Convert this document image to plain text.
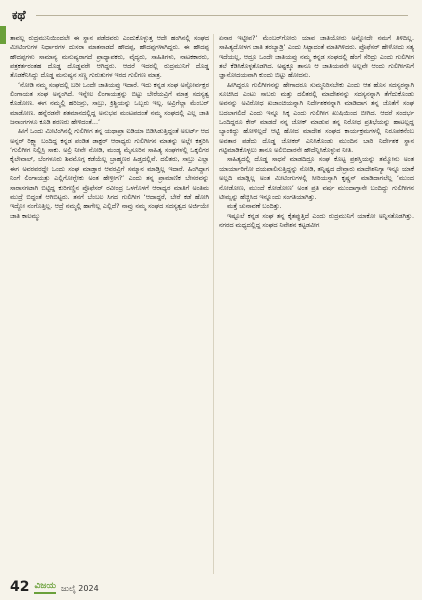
ಕಥೆ

ತಾವಲ್ಲ ರುದ್ರಮುನಿಯಿಂದಲೇ ಈ ಸ್ಥಾನ ಪಡೆದವರು ಎಂದುಕೊಳ್ಳುತ್ತ ಆದೇ ಹಂಗಿನಲ್ಲಿ ಸಂಘದ ಮೀಟಿಂಗುಗಳ ನಿರ್ಧಾರಗಳ ದುಸರಾ ಮಾತನಾಡದೆ ಹೌದಪ್ಪ, ಹೌದಪ್ಪಗಳಾಗಿದ್ದರು. ಈ ಹೌದಪ್ಪ ಹೌದಪ್ಪಗಳು ಸಾಮಾನ್ಯ ಮನುಷ್ಯರಾಗದೆ ಪ್ರಾಧ್ಯಾಪಕರು, ವೈದ್ಯರು, ಸಾಹಿತಿಗಳು, ನಾಟಕಕಾರರು, ಪತ್ರಕರ್ತರಂತಹ ದೊಡ್ಡ ದೊಡ್ಡವರೇ ಆಗಿದ್ದರು. ಆದರೆ ಇದರಲ್ಲಿ ರುದ್ರಮುನಿಗೆ ದೊಡ್ಡ ತೊಡಕೆನಿಸಿದ್ದು ದೊಡ್ಡ ಮನುಷ್ಯನ ಸಣ್ಣ ಗುರುತುಗಳ ಇರದ ಗುಲಿಗಣ ಮಾತ್ರ.

‘ನೋಡಿ ನಮ್ಮ ಸಂಘದಲ್ಲಿ ಬರೀ ಒಂದೇ ಜಾತಿಯವ್ರು ಇದಾರೆ. ಇದು ಕನ್ನಡ ಸಂಘ ಅಸ್ಪೋರ್ವಕ್ಷರ ಲಿಂಗಾಯತ ಸಂಘ ಅನ್ನಂಗಿದೆ. ಇನ್ನೇಲ ಲಿಂಗಾಯತ್ರನ್ನು ಬಿಟ್ಟು ಬೇರೆಯವ್ರಿಗೆ ಮಾತ್ರ ಸದಸ್ಯತ್ವ ಕೊಡೋಣ. ಈಗ ನಮ್ಮಲ್ಲಿ ಹರಿಜನ್ರು, ಸಾಬ್ರು, ಕ್ರಿಶ್ಚಿಯನ್ನು ಒಬ್ಬರು ಇಲ್ಲ. ಅವ್ರಿಗೆಲ್ಲಾ ಮೆಂಬರ್ ಮಾಡೋಣ. ಹನ್ನೆರಡನೇ ಶತಮಾನದಲ್ಲಿದ್ದ ಅನುಭವ ಮಂಟಪದಂತೆ ನಮ್ಮ ಸಂಘದಲ್ಲಿ ಎಲ್ಲ ಜಾತಿ ಜನಾಂಗಗಳೂ ಕೂಡಿ ಶರಣರು ಹೇಳಿದಂತೆ...’

ಹೀಗೆ ಒಂದು ಮೀಟಿಂಗಿನಲ್ಲಿ ಗುಲಿಗೀಗ ತನ್ನ ಯಥಾಪ್ರಾ ಐಡಿಯಾ ಬಿಡಿಸಿಡುತ್ತಿದ್ದಂತೆ ಅಲರ್ಟ್ ಆದ ಅನ್ನರ್ ರಿಕ್ಷ್ವಾ ಬಂದಿದ್ದ ಕನ್ನಡ ಪಂಡಿತ ಡಾಕ್ಟರ್ ಆರಾಧ್ಯರು ಗುಲಿಗೀಗನ ಮಾತನ್ನು ಅಲ್ಲೇ ಕತ್ತರಿಸಿ ‘ಗುಲಿಗೀಗ ನಿಲ್ಲಿಸ್ರಿ ಸಾಕು. ಅಲ್ರಿ ನೀವೇ ನೋಡಿ, ಮಂಡ್ಯ ಮೈಸೂರಿನ ಸಾಹಿತ್ಯ ಸಂಘಗಳಲ್ಲಿ ಒಕ್ಕಲಿಗರ ಕೈಲೇವಾಲ್, ಬೆಂಗಳೂರು ಶಿವಮೊಗ್ಗ ಕಡೆಯೆಲ್ಲ ಬ್ರಾಹ್ಮಣರ ಹಿಡ್ತದಲ್ಲಿವೆ. ದಲಿತರು, ಸಾಬ್ರು ಎಲ್ಲಾ ಈಗ ಅವರವರದ್ದೇ ಒಂದು ಸಂಘ ಮಾಡ್ತಾರ ಆವರವ್ರಿಗೆ ಸಮ್ಮಾನ ಮಾಡ್ತಿಲ್ಲ ಇದಾರೆ. ಹಿಂಗಿದ್ದಾಗ ನಿಂಗೆ ಲಿಂಗಾಯತ್ರು ಎಲ್ಲಿಗೋಗ್ಬೇಕು ಅಂತ ಹೇಳ್ರೀಗ?’ ಎಂದು ತನ್ನ ಪ್ರಾಮಾಣಿಕ ಬೇಸರವನ್ನು ಸಾರಾಸಗಟಾಗಿ ಬಿಟ್ಟಿದ್ದ ಕುರಿಗಣ್ಣಿನ ಪ್ರೊಫೆಸರ್ ರವೀಂದ್ರ ಒಳಗೊಳಗೆ ಆರಾಧ್ಯರ ಮಾತಿಗೆ ಅಂತಿಮ ಮುದ್ರೆ ಬಿದ್ದಂತೆ ಆಗಿಬಿಟ್ಟರು. ತನಗೆ ಬೆಂಬಲ ಸಿಗದ ಗುಲಿಗೀಗ ‘ಆದಾದ್ದರೆ, ಬೇರೆ ಕಡೆ ಹೋಗಿ ಇದ್ದೋ ನಂಗೊತ್ತಿಲ್ಲ. ಆದ್ರೆ ನಮ್ಮಲ್ಲಿ ಹಾಗೇಲ್ಲ ಎಲ್ಲಿದೆ? ನಾವ್ರು ನಮ್ಮ ಸಂಘದ ಸದಸ್ಯತ್ವದ ಅರ್ಜಿಯೇ ಜಾತಿ ಕಾಲಮ್ಮು

ಏನಾರ ಇಟ್ಟೀವ?’ ಮೆಂಬರ್‌ಗೋರು ಯಾವ ಜಾತಿಯೋರು ಅನ್ನೋದೇ ನಮಗೆ ತಿಳಿದಿಲ್ಲ. ಸಾಹಿತ್ಯದೋಳಗ ಜಾತಿ ತರಬ್ಯಾಡ್ರಿ’ ಎಂದು ಸಿಟ್ಟಾದಂತೆ ಮಾತಿಗಿಳಿದರು. ಪ್ರೊಫೆಸರ್ ಹೇಳೋದು ಸತ್ಯ ಇದೆಯಲ್ಲ, ಆದ್ರೂ ಒಂದೇ ಜಾತಿಯವ್ರು ನಮ್ಮ ಕನ್ನಡ ಸಂಘದಲ್ಲಿ ಹೆಂಗೆ ಸೆರಿದ್ರು ಎಂದು ಗುಲಿಗೀಗ ತಲೆ ಕೆಡಿಸಿಕೊಳ್ಳತೊಡಗಿದ. ಅಷ್ಟಕ್ಕೂ ತಾನೂ ಆ ಜಾತಿಯವನೇ ಅಲ್ಲವೇ ಆಂದು ಗುಲಿಗೀಗನಿಗೆ ಜ್ಞಾನೋದಯವಾಗಿ ಕುಂದು ಬಿಟ್ಟು ಹೋದನು.

ಹೀಗಿದ್ದರೂ ಗುಲಿಗೀಗನನ್ನು ಹೇಗಾದರೂ ಸುಮ್ಮನಿರಿಸಬೇಕು ಎಂದು ಆತ ಹೊಸ ಸದಸ್ಯರನ್ನಾಗಿ ಸೂಚಿಸಿದ ಎಂಟು ಸಾಬರು ಮತ್ತು ದಲಿತರಲ್ಲಿ ಮಾದೇಶನನ್ನು ಸದಸ್ಯನನ್ನಾಗಿ ತೆಗೆದುಕೊಂಡು ಅವನನ್ನು ಅವಿರೋಧ ಖಜಾಂಚಿಯನ್ನಾಗಿ ನಿರ್ದೇಶಕನನ್ನಾಗಿ ಮಾಡಿದಾಗ ತನ್ನ ಜೊತೆಗೆ ಸಂಘ ಬದಲಾಗಲಿದೆ ಎಂದು ಇನ್ನೂ ಸಿಕ್ಕ ಎಂದು ಗುಲಿಗೀಗ ಖುಷಿಯಿಂದ ಬೀಗಿದ. ಆದರೆ ಸಂದರ್ಭ ಒಂದಿದ್ದರೂ ಕೇರ್ ಮಾಡದೆ ನನ್ನ ಜೋಕ್ ಮಾಡುವ ತನ್ನ ನಿರೋಧ ಪ್ರತಿಭೆಯನ್ನು ಹಾಟಲ್ಲದ್ದ ಬ್ಯಾಂಕಿದ್ದು ಹೋಳಿಲ್ಲದೆ ಆಟ್ಟಿ ಹೋದ ಮಾದೇಶ ಸಂಘದ ಕಾರ್ಯಕ್ರಮಗಳಲ್ಲಿ ನಿರೂಪಕನೆಂಬ ಅವತಾರ ಪಡೆದು ದೊಡ್ಡ ಜೋಕರ್ ಎನಿಸಿಕೊಂಡು ಮುಂದಿನ ಬಾರಿ ನಿರ್ದೇಶಕ ಸ್ಥಾನ ಗಟ್ಟಿಮಾಡಿಕೊಳ್ಳಲು ತಾನೂ ಅಲಿಬಿದಾರನೇ ಹೌದೆನ್ನಿಸಿಕೊಳ್ಳುವ ನೀತಿ.

ಸಾಹಿತ್ಯದಲ್ಲಿ ದೊಡ್ಡ ಸಾಧನೆ ಮಾಡದಿದ್ರೂ ಸಂಘ ಕೊಟ್ಟ ಪ್ರಶಸ್ತಿಯನ್ನು ತಮ್ಮೋನು ಅಂತ ಯಾರ್ಯಾರಿಗೋ ದಯಪಾಲಿಸುತ್ತಿದ್ದನ್ನು ನೋಡಿ, ತನ್ನಿಷ್ಟದ ದೇವ್ರಾರು ಮಾದೇಶನಿಗ್ಯಾ ಇನ್ನೂ ಯಾಕೆ ಅಲ್ಲದಿ ಮಾಡ್ಲಿಲ್ಲ ಅಂತ ಮೀಟಿಂಗುಗಳಲ್ಲಿ ಸೀರಿಯಸ್ಸಾಗಿ ಕೃಷ್ಣನ್ ಮಾಡಿದಾಗಲೆಲ್ಲ ‘ಮುಂದ ನೋಡೋಣ, ಮುಂದೆ ಕೋಡೋಣ’ ಅಂತ ಪ್ರತಿ ವರ್ಷ ಮುಂದಾಗ್ತಾನೇ ಬಂದಿದ್ದು ಗುಲಿಗೀಗನ ಟೀಮ್ಸನ್ನು ಹೆಚ್ಚಿಸಿದ ಇನ್ನೂಂದು ಸಂಗತಿಯಾಗಿತ್ತು.

ಮತ್ತೆ ಚುನಾವಣೆ ಬಂದಿತ್ತು.

ಇಷ್ಟೂಲೆ ಕನ್ನಡ ಸಂಘ ತನ್ನ ಕೈತಪ್ಪುತ್ತಿದೆ ಎಂದು ರುದ್ರಮುನಿಗೆ ಯಾಕೋ ಅನ್ನಿಸತೊಡಗಿತ್ತು. ನಗರದ ಮಧ್ಯದಲ್ಲಿದ್ದ ಸಂಘದ ನಿವೇಶನ ಕಟ್ಟಡವೀಗ

42 ವಿಜಯ ಜುಲೈ 2024
